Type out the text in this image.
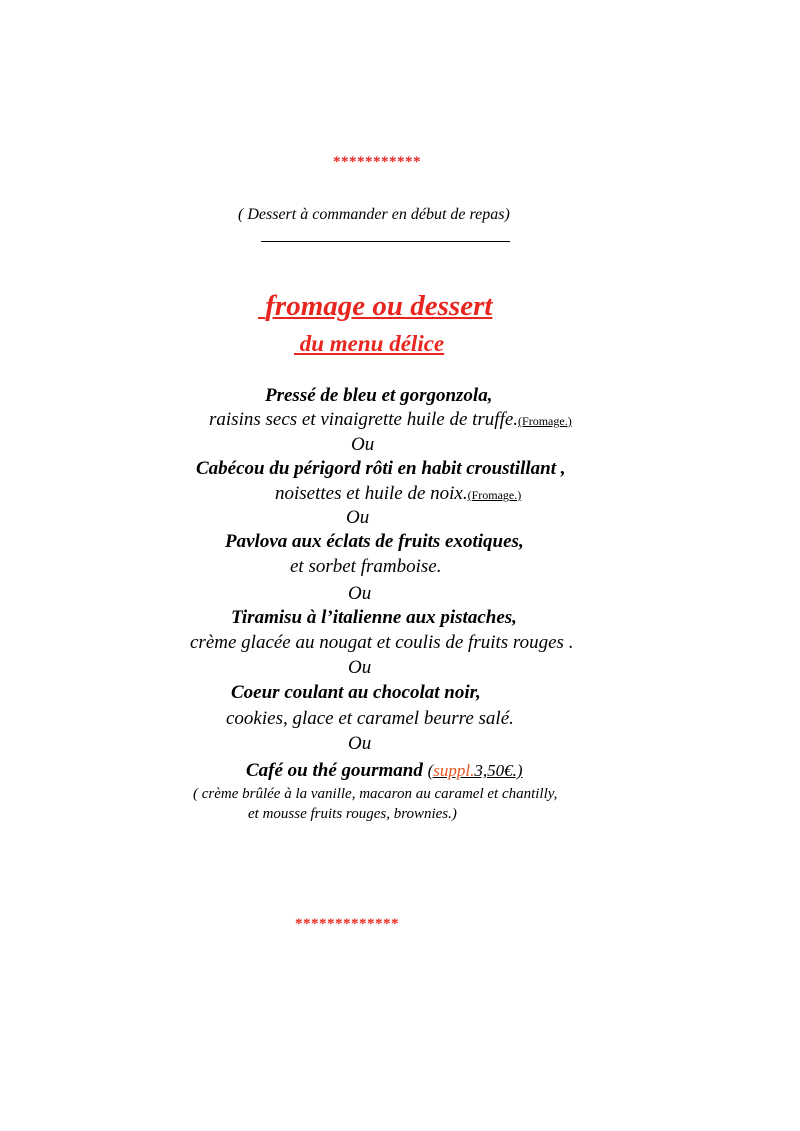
***********
( Dessert à commander en début de repas)
fromage ou dessert
du menu délice
Pressé de bleu et gorgonzola,
raisins secs et vinaigrette huile de truffe.(Fromage.)
Ou
Cabécou du périgord rôti en habit croustillant ,
noisettes et huile de noix.(Fromage.)
Ou
Pavlova aux éclats de fruits exotiques,
et sorbet framboise.
Ou
Tiramisu à l’italienne aux pistaches,
crème glacée au nougat et coulis de fruits rouges .
Ou
Coeur coulant au chocolat noir,
cookies, glace et caramel beurre salé.
Ou
Café ou thé gourmand (suppl.3,50€.)
( crème brûlée à la vanille, macaron au caramel et chantilly,
et mousse fruits rouges, brownies.)
*************
